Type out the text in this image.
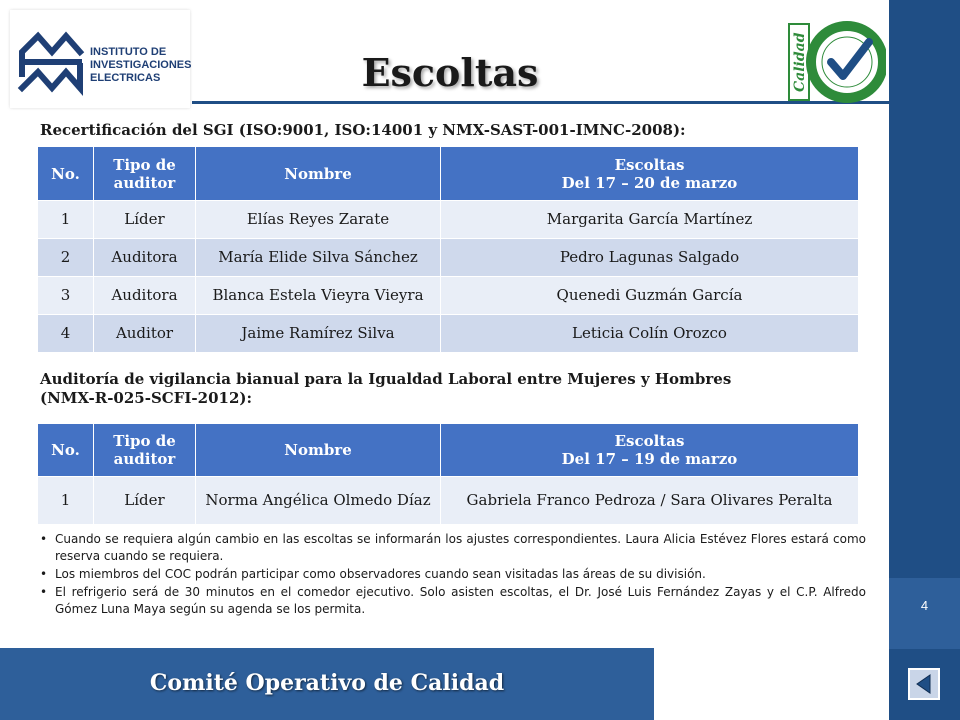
4
INSTITUTO DE
INVESTIGACIONES
ELECTRICAS	Escoltas	Calidad
Recertificación del SGI (ISO:9001, ISO:14001 y NMX-SAST-001-IMNC-2008):
No.	Tipo de auditor	Nombre	Escoltas
Del 17 – 20 de marzo
1	Líder	Elías Reyes Zarate	Margarita García Martínez
2	Auditora	María Elide Silva Sánchez	Pedro Lagunas Salgado
3	Auditora	Blanca Estela Vieyra Vieyra	Quenedi Guzmán García
4	Auditor	Jaime Ramírez Silva	Leticia Colín Orozco
Auditoría de vigilancia bianual para la Igualdad Laboral entre Mujeres y Hombres
(NMX-R-025-SCFI-2012):
No.	Tipo de auditor	Nombre	Escoltas
Del 17 – 19 de marzo
1	Líder	Norma Angélica Olmedo Díaz	Gabriela Franco Pedroza / Sara Olivares Peralta
• Cuando se requiera algún cambio en las escoltas se informarán los ajustes correspondientes. Laura Alicia Estévez Flores estará como reserva cuando se requiera.
• Los miembros del COC podrán participar como observadores cuando sean visitadas las áreas de su división.
• El refrigerio será de 30 minutos en el comedor ejecutivo. Solo asisten escoltas, el Dr. José Luis Fernández Zayas y el C.P. Alfredo Gómez Luna Maya según su agenda se los permita.
Comité Operativo de Calidad
